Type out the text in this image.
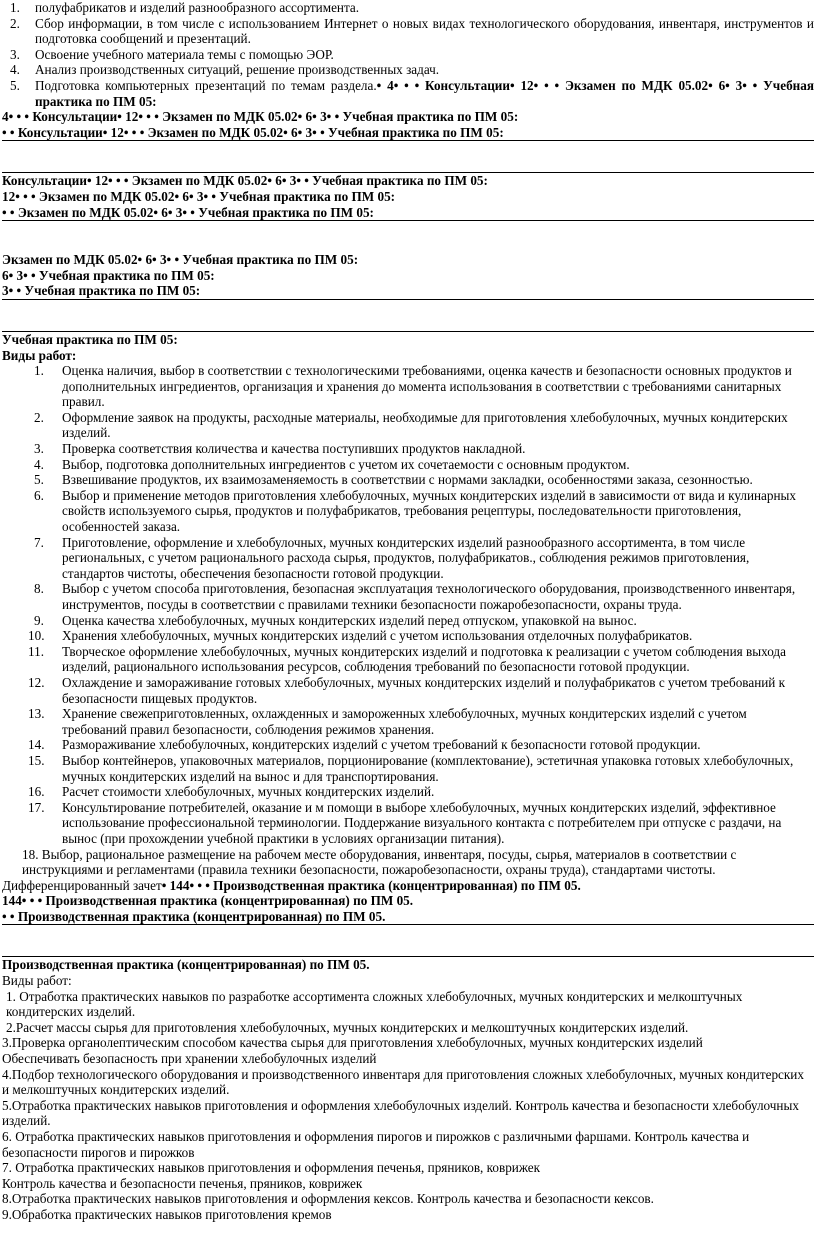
1. полуфабрикатов и изделий разнообразного ассортимента.
2. Сбор информации, в том числе с использованием Интернет о новых видах технологического оборудования, инвентаря, инструментов и подготовка сообщений и презентаций.
3. Освоение учебного материала темы с помощью ЭОР.
4. Анализ производственных ситуаций, решение производственных задач.
5. Подготовка компьютерных презентаций по темам раздела.• 4• • • Консультации• 12• • • Экзамен по МДК 05.02• 6• 3• • Учебная практика по ПМ 05:
4• • • Консультации• 12• • • Экзамен по МДК 05.02• 6• 3• • Учебная практика по ПМ 05:
• • Консультации• 12• • • Экзамен по МДК 05.02• 6• 3• • Учебная практика по ПМ 05:
Консультации• 12• • • Экзамен по МДК 05.02• 6• 3• • Учебная практика по ПМ 05:
12• • • Экзамен по МДК 05.02• 6• 3• • Учебная практика по ПМ 05:
• • Экзамен по МДК 05.02• 6• 3• • Учебная практика по ПМ 05:
Экзамен по МДК 05.02• 6• 3• • Учебная практика по ПМ 05:
6• 3• • Учебная практика по ПМ 05:
3• • Учебная практика по ПМ 05:
Учебная практика по ПМ 05:
Виды работ:
1. Оценка наличия, выбор в соответствии с технологическими требованиями, оценка качеств и безопасности основных продуктов и дополнительных ингредиентов, организация и хранения до момента использования в соответствии с требованиями санитарных правил.
2. Оформление заявок на продукты, расходные материалы, необходимые для приготовления хлебобулочных, мучных кондитерских изделий.
3. Проверка соответствия количества и качества поступивших продуктов накладной.
4. Выбор, подготовка дополнительных ингредиентов с учетом их сочетаемости с основным продуктом.
5. Взвешивание продуктов, их взаимозаменяемость в соответствии с нормами закладки, особенностями заказа, сезонностью.
6. Выбор и применение методов приготовления хлебобулочных, мучных кондитерских изделий в зависимости от вида и кулинарных свойств используемого сырья, продуктов и полуфабрикатов, требования рецептуры, последовательности приготовления, особенностей заказа.
7. Приготовление, оформление и хлебобулочных, мучных кондитерских изделий разнообразного ассортимента, в том числе региональных, с учетом рационального расхода сырья, продуктов, полуфабрикатов., соблюдения режимов приготовления, стандартов чистоты, обеспечения безопасности готовой продукции.
8. Выбор с учетом способа приготовления, безопасная эксплуатация технологического оборудования, производственного инвентаря, инструментов, посуды в соответствии с правилами техники безопасности пожаробезопасности, охраны труда.
9. Оценка качества хлебобулочных, мучных кондитерских изделий перед отпуском, упаковкой на вынос.
10. Хранения хлебобулочных, мучных кондитерских изделий с учетом использования отделочных полуфабрикатов.
11. Творческое оформление хлебобулочных, мучных кондитерских изделий и подготовка к реализации с учетом соблюдения выхода изделий, рационального использования ресурсов, соблюдения требований по безопасности готовой продукции.
12. Охлаждение и замораживание готовых хлебобулочных, мучных кондитерских изделий и полуфабрикатов с учетом требований к безопасности пищевых продуктов.
13. Хранение свежеприготовленных, охлажденных и замороженных хлебобулочных, мучных кондитерских изделий с учетом требований правил безопасности, соблюдения режимов хранения.
14. Размораживание хлебобулочных, кондитерских изделий с учетом требований к безопасности готовой продукции.
15. Выбор контейнеров, упаковочных материалов, порционирование (комплектование), эстетичная упаковка готовых хлебобулочных, мучных кондитерских изделий на вынос и для транспортирования.
16. Расчет стоимости хлебобулочных, мучных кондитерских изделий.
17. Консультирование потребителей, оказание и м помощи в выборе хлебобулочных, мучных кондитерских изделий, эффективное использование профессиональной терминологии. Поддержание визуального контакта с потребителем при отпуске с раздачи, на вынос (при прохождении учебной практики в условиях организации питания).
18. Выбор, рациональное размещение на рабочем месте оборудования, инвентаря, посуды, сырья, материалов в соответствии с инструкциями и регламентами (правила техники безопасности, пожаробезопасности, охраны труда), стандартами чистоты.
Дифференцированный зачет• 144• • • Производственная практика (концентрированная) по ПМ 05.
144• • • Производственная практика (концентрированная) по ПМ 05.
• • Производственная практика (концентрированная) по ПМ 05.
Производственная практика (концентрированная) по ПМ 05.
Виды работ:
1. Отработка практических навыков по разработке ассортимента сложных хлебобулочных, мучных кондитерских и мелкоштучных кондитерских изделий.
2.Расчет массы сырья для приготовления хлебобулочных, мучных кондитерских и мелкоштучных кондитерских изделий.
3.Проверка органолептическим способом качества сырья для приготовления хлебобулочных, мучных кондитерских изделий
Обеспечивать безопасность при хранении хлебобулочных изделий
4.Подбор технологического оборудования и производственного инвентаря для приготовления сложных хлебобулочных, мучных кондитерских и мелкоштучных кондитерских изделий.
5.Отработка практических навыков приготовления и оформления хлебобулочных изделий. Контроль качества и безопасности хлебобулочных изделий.
6. Отработка практических навыков приготовления и оформления пирогов и пирожков с различными фаршами. Контроль качества и безопасности пирогов и пирожков
7. Отработка практических навыков приготовления и оформления печенья, пряников, коврижек
Контроль качества и безопасности печенья, пряников, коврижек
8.Отработка практических навыков приготовления и оформления кексов. Контроль качества и безопасности кексов.
9.Обработка практических навыков приготовления кремов
